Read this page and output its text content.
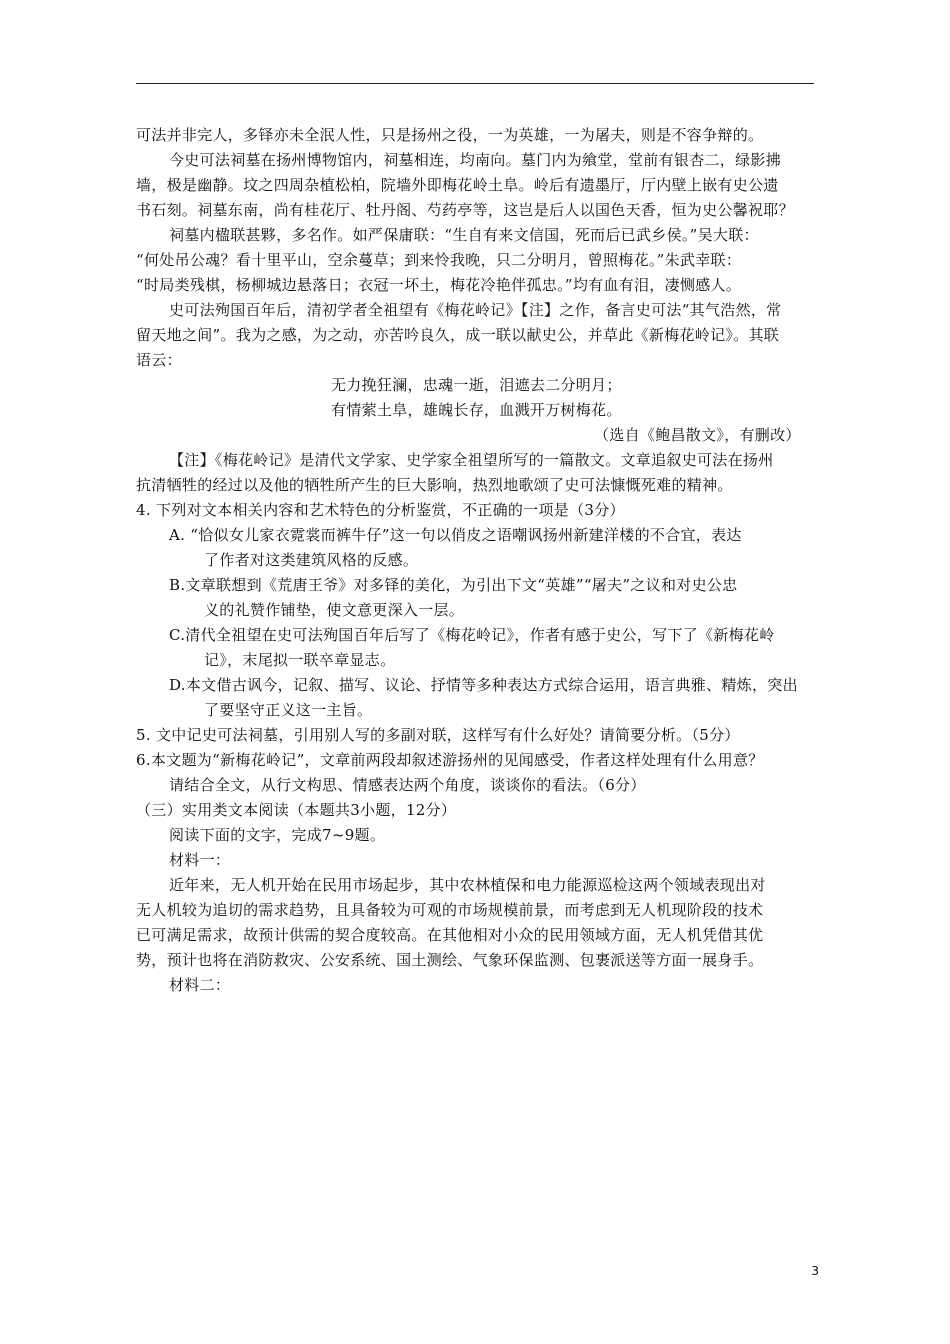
可法并非完人，多铎亦未全泯人性，只是扬州之役，一为英雄，一为屠夫，则是不容争辩的。
今史可法祠墓在扬州博物馆内，祠墓相连，均南向。墓门内为飨堂，堂前有银杏二，绿影拂
墙，极是幽静。坟之四周杂植松柏，院墙外即梅花岭土阜。岭后有遗墨厅，厅内壁上嵌有史公遗
书石刻。祠墓东南，尚有桂花厅、牡丹阁、芍药亭等，这岂是后人以国色天香，恒为史公馨祝耶？
祠墓内楹联甚夥，多名作。如严保庸联：“生自有来文信国，死而后已武乡侯。”吴大联：
“何处吊公魂？看十里平山，空余蔓草；到来怜我晚，只二分明月，曾照梅花。”朱武幸联：
“时局类残棋，杨柳城边悬落日；衣冠一坏土，梅花冷艳伴孤忠。”均有血有泪，凄恻感人。
史可法殉国百年后，清初学者全祖望有《梅花岭记》【注】之作，备言史可法“其气浩然，常
留天地之间”。我为之感，为之动，亦苦吟良久，成一联以献史公，并草此《新梅花岭记》。其联
语云：
无力挽狂澜，忠魂一逝，泪遮去二分明月；
有情萦土阜，雄魄长存，血溅开万树梅花。
（选自《鲍昌散文》，有删改）
【注】《梅花岭记》是清代文学家、史学家全祖望所写的一篇散文。文章追叙史可法在扬州
抗清牺牲的经过以及他的牺牲所产生的巨大影响，热烈地歌颂了史可法慷慨死难的精神。
4. 下列对文本相关内容和艺术特色的分析鉴赏，不正确的一项是（3分）
A. “恰似女儿家衣霓裳而裤牛仔”这一句以俏皮之语嘲讽扬州新建洋楼的不合宜，表达
了作者对这类建筑风格的反感。
B.文章联想到《荒唐王爷》对多铎的美化，为引出下文“英雄”“屠夫”之议和对史公忠
义的礼赞作铺垫，使文意更深入一层。
C.清代全祖望在史可法殉国百年后写了《梅花岭记》，作者有感于史公，写下了《新梅花岭
记》，末尾拟一联卒章显志。
D.本文借古讽今，记叙、描写、议论、抒情等多种表达方式综合运用，语言典雅、精炼，突出
了要坚守正义这一主旨。
5. 文中记史可法祠墓，引用别人写的多副对联，这样写有什么好处？请简要分析。（5分）
6.本文题为“新梅花岭记”，文章前两段却叙述游扬州的见闻感受，作者这样处理有什么用意？
请结合全文，从行文构思、情感表达两个角度，谈谈你的看法。（6分）
（三）实用类文本阅读（本题共3小题，12分）
阅读下面的文字，完成7~9题。
材料一：
近年来，无人机开始在民用市场起步，其中农林植保和电力能源巡检这两个领域表现出对
无人机较为追切的需求趋势，且具备较为可观的市场规模前景，而考虑到无人机现阶段的技术
已可满足需求，故预计供需的契合度较高。在其他相对小众的民用领域方面，无人机凭借其优
势，预计也将在消防救灾、公安系统、国土测绘、气象环保监测、包裹派送等方面一展身手。
材料二：
3
